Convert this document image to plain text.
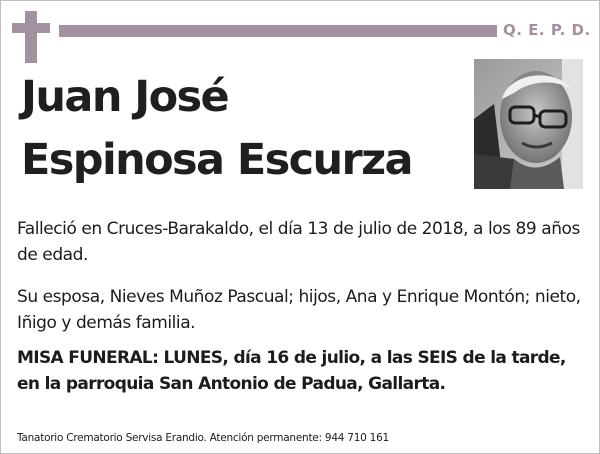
Q. E. P. D.
Juan José
Espinosa Escurza
Falleció en Cruces-Barakaldo, el día 13 de julio de 2018, a los 89 años de edad.
Su esposa, Nieves Muñoz Pascual; hijos, Ana y Enrique Montón; nieto, Iñigo y demás familia.
MISA FUNERAL: LUNES, día 16 de julio, a las SEIS de la tarde, en la parroquia San Antonio de Padua, Gallarta.
Tanatorio Crematorio Servisa Erandio. Atención permanente: 944 710 161
